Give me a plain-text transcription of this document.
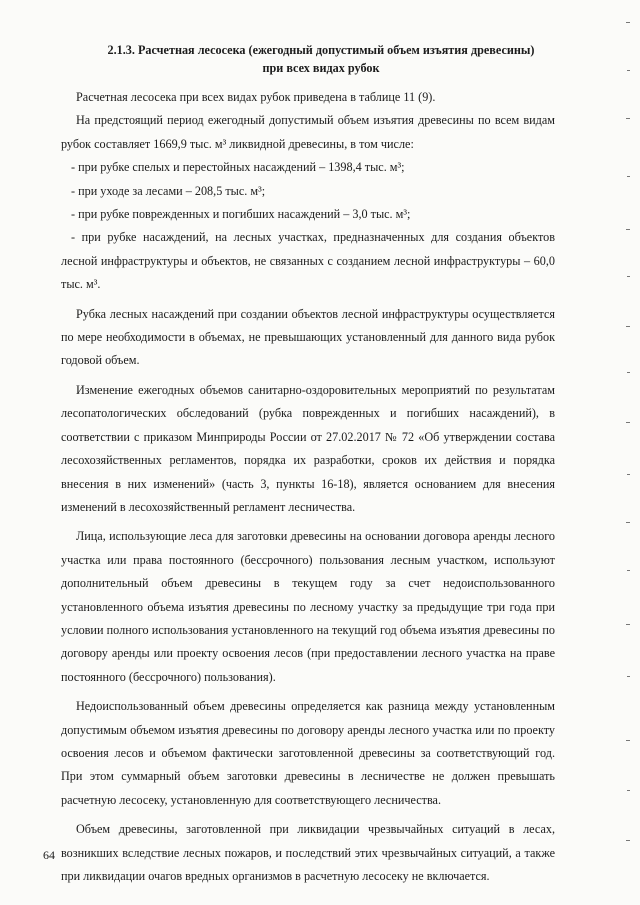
2.1.3. Расчетная лесосека (ежегодный допустимый объем изъятия древесины)
при всех видах рубок

Расчетная лесосека при всех видах рубок приведена в таблице 11 (9).

На предстоящий период ежегодный допустимый объем изъятия древесины по всем видам рубок составляет 1669,9 тыс. м³ ликвидной древесины, в том числе:

- при рубке спелых и перестойных насаждений – 1398,4 тыс. м³;

- при уходе за лесами – 208,5 тыс. м³;

- при рубке поврежденных и погибших насаждений – 3,0 тыс. м³;

- при рубке насаждений, на лесных участках, предназначенных для создания объектов лесной инфраструктуры и объектов, не связанных с созданием лесной инфраструктуры – 60,0 тыс. м³.

Рубка лесных насаждений при создании объектов лесной инфраструктуры осуществляется по мере необходимости в объемах, не превышающих установленный для данного вида рубок годовой объем.

Изменение ежегодных объемов санитарно-оздоровительных мероприятий по результатам лесопатологических обследований (рубка поврежденных и погибших насаждений), в соответствии с приказом Минприроды России от 27.02.2017 № 72 «Об утверждении состава лесохозяйственных регламентов, порядка их разработки, сроков их действия и порядка внесения в них изменений» (часть 3, пункты 16-18), является основанием для внесения изменений в лесохозяйственный регламент лесничества.

Лица, использующие леса для заготовки древесины на основании договора аренды лесного участка или права постоянного (бессрочного) пользования лесным участком, используют дополнительный объем древесины в текущем году за счет недоиспользованного установленного объема изъятия древесины по лесному участку за предыдущие три года при условии полного использования установленного на текущий год объема изъятия древесины по договору аренды или проекту освоения лесов (при предоставлении лесного участка на праве постоянного (бессрочного) пользования).

Недоиспользованный объем древесины определяется как разница между установленным допустимым объемом изъятия древесины по договору аренды лесного участка или по проекту освоения лесов и объемом фактически заготовленной древесины за соответствующий год. При этом суммарный объем заготовки древесины в лесничестве не должен превышать расчетную лесосеку, установленную для соответствующего лесничества.

Объем древесины, заготовленной при ликвидации чрезвычайных ситуаций в лесах, возникших вследствие лесных пожаров, и последствий этих чрезвычайных ситуаций, а также при ликвидации очагов вредных организмов в расчетную лесосеку не включается.

64
